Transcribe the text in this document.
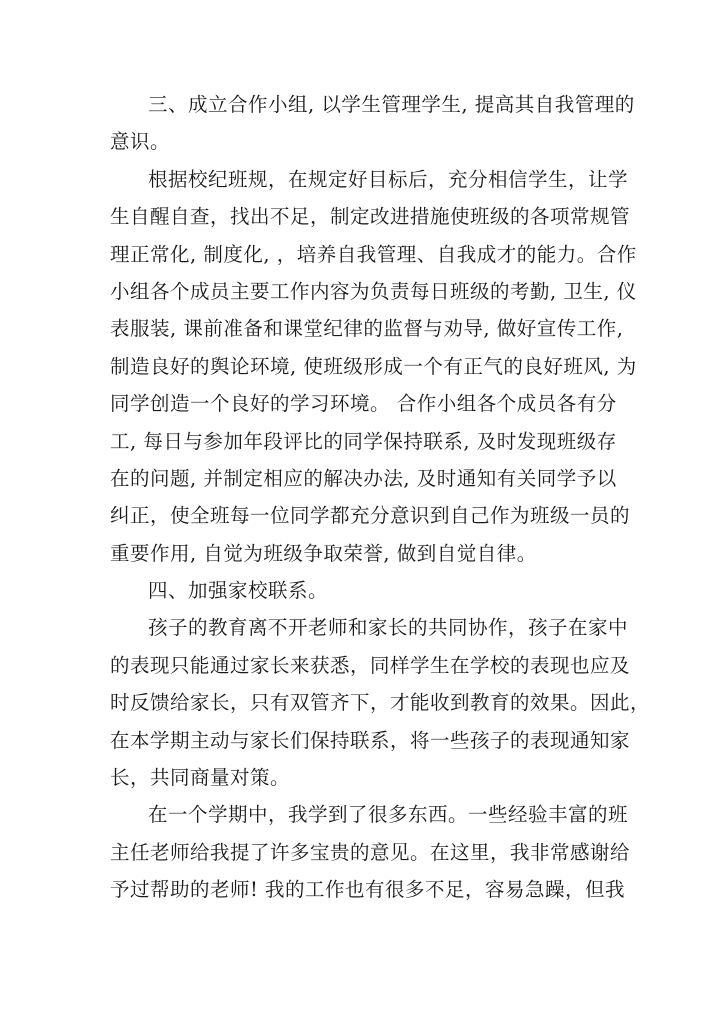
三、成立合作小组, 以学生管理学生, 提高其自我管理的
意识。
根据校纪班规，在规定好目标后，充分相信学生，让学
生自醒自查，找出不足，制定改进措施使班级的各项常规管
理正常化, 制度化, ，培养自我管理、自我成才的能力。合作
小组各个成员主要工作内容为负责每日班级的考勤, 卫生, 仪
表服装, 课前准备和课堂纪律的监督与劝导, 做好宣传工作,
制造良好的舆论环境, 使班级形成一个有正气的良好班风, 为
同学创造一个良好的学习环境。 合作小组各个成员各有分
工, 每日与参加年段评比的同学保持联系, 及时发现班级存
在的问题, 并制定相应的解决办法, 及时通知有关同学予以
纠正，使全班每一位同学都充分意识到自己作为班级一员的
重要作用, 自觉为班级争取荣誉, 做到自觉自律。
四、加强家校联系。
孩子的教育离不开老师和家长的共同协作，孩子在家中
的表现只能通过家长来获悉，同样学生在学校的表现也应及
时反馈给家长，只有双管齐下，才能收到教育的效果。因此，
在本学期主动与家长们保持联系，将一些孩子的表现通知家
长，共同商量对策。
在一个学期中，我学到了很多东西。一些经验丰富的班
主任老师给我提了许多宝贵的意见。在这里，我非常感谢给
予过帮助的老师! 我的工作也有很多不足，容易急躁，但我
